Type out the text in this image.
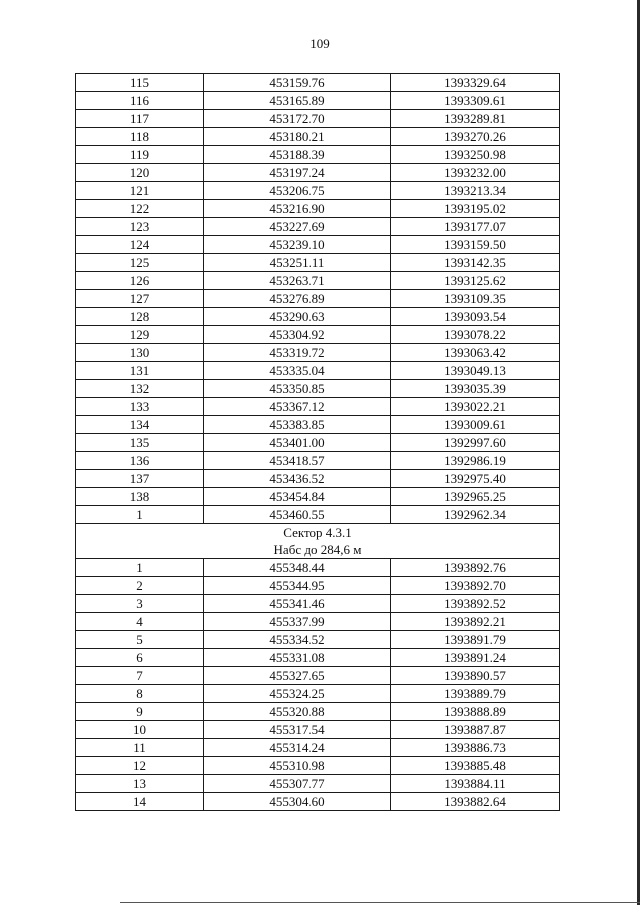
109
115	453159.76	1393329.64
116	453165.89	1393309.61
117	453172.70	1393289.81
118	453180.21	1393270.26
119	453188.39	1393250.98
120	453197.24	1393232.00
121	453206.75	1393213.34
122	453216.90	1393195.02
123	453227.69	1393177.07
124	453239.10	1393159.50
125	453251.11	1393142.35
126	453263.71	1393125.62
127	453276.89	1393109.35
128	453290.63	1393093.54
129	453304.92	1393078.22
130	453319.72	1393063.42
131	453335.04	1393049.13
132	453350.85	1393035.39
133	453367.12	1393022.21
134	453383.85	1393009.61
135	453401.00	1392997.60
136	453418.57	1392986.19
137	453436.52	1392975.40
138	453454.84	1392965.25
1	453460.55	1392962.34

Сектор 4.3.1
Набс до 284,6 м		

1	455348.44	1393892.76
2	455344.95	1393892.70
3	455341.46	1393892.52
4	455337.99	1393892.21
5	455334.52	1393891.79
6	455331.08	1393891.24
7	455327.65	1393890.57
8	455324.25	1393889.79
9	455320.88	1393888.89
10	455317.54	1393887.87
11	455314.24	1393886.73
12	455310.98	1393885.48
13	455307.77	1393884.11
14	455304.60	1393882.64
